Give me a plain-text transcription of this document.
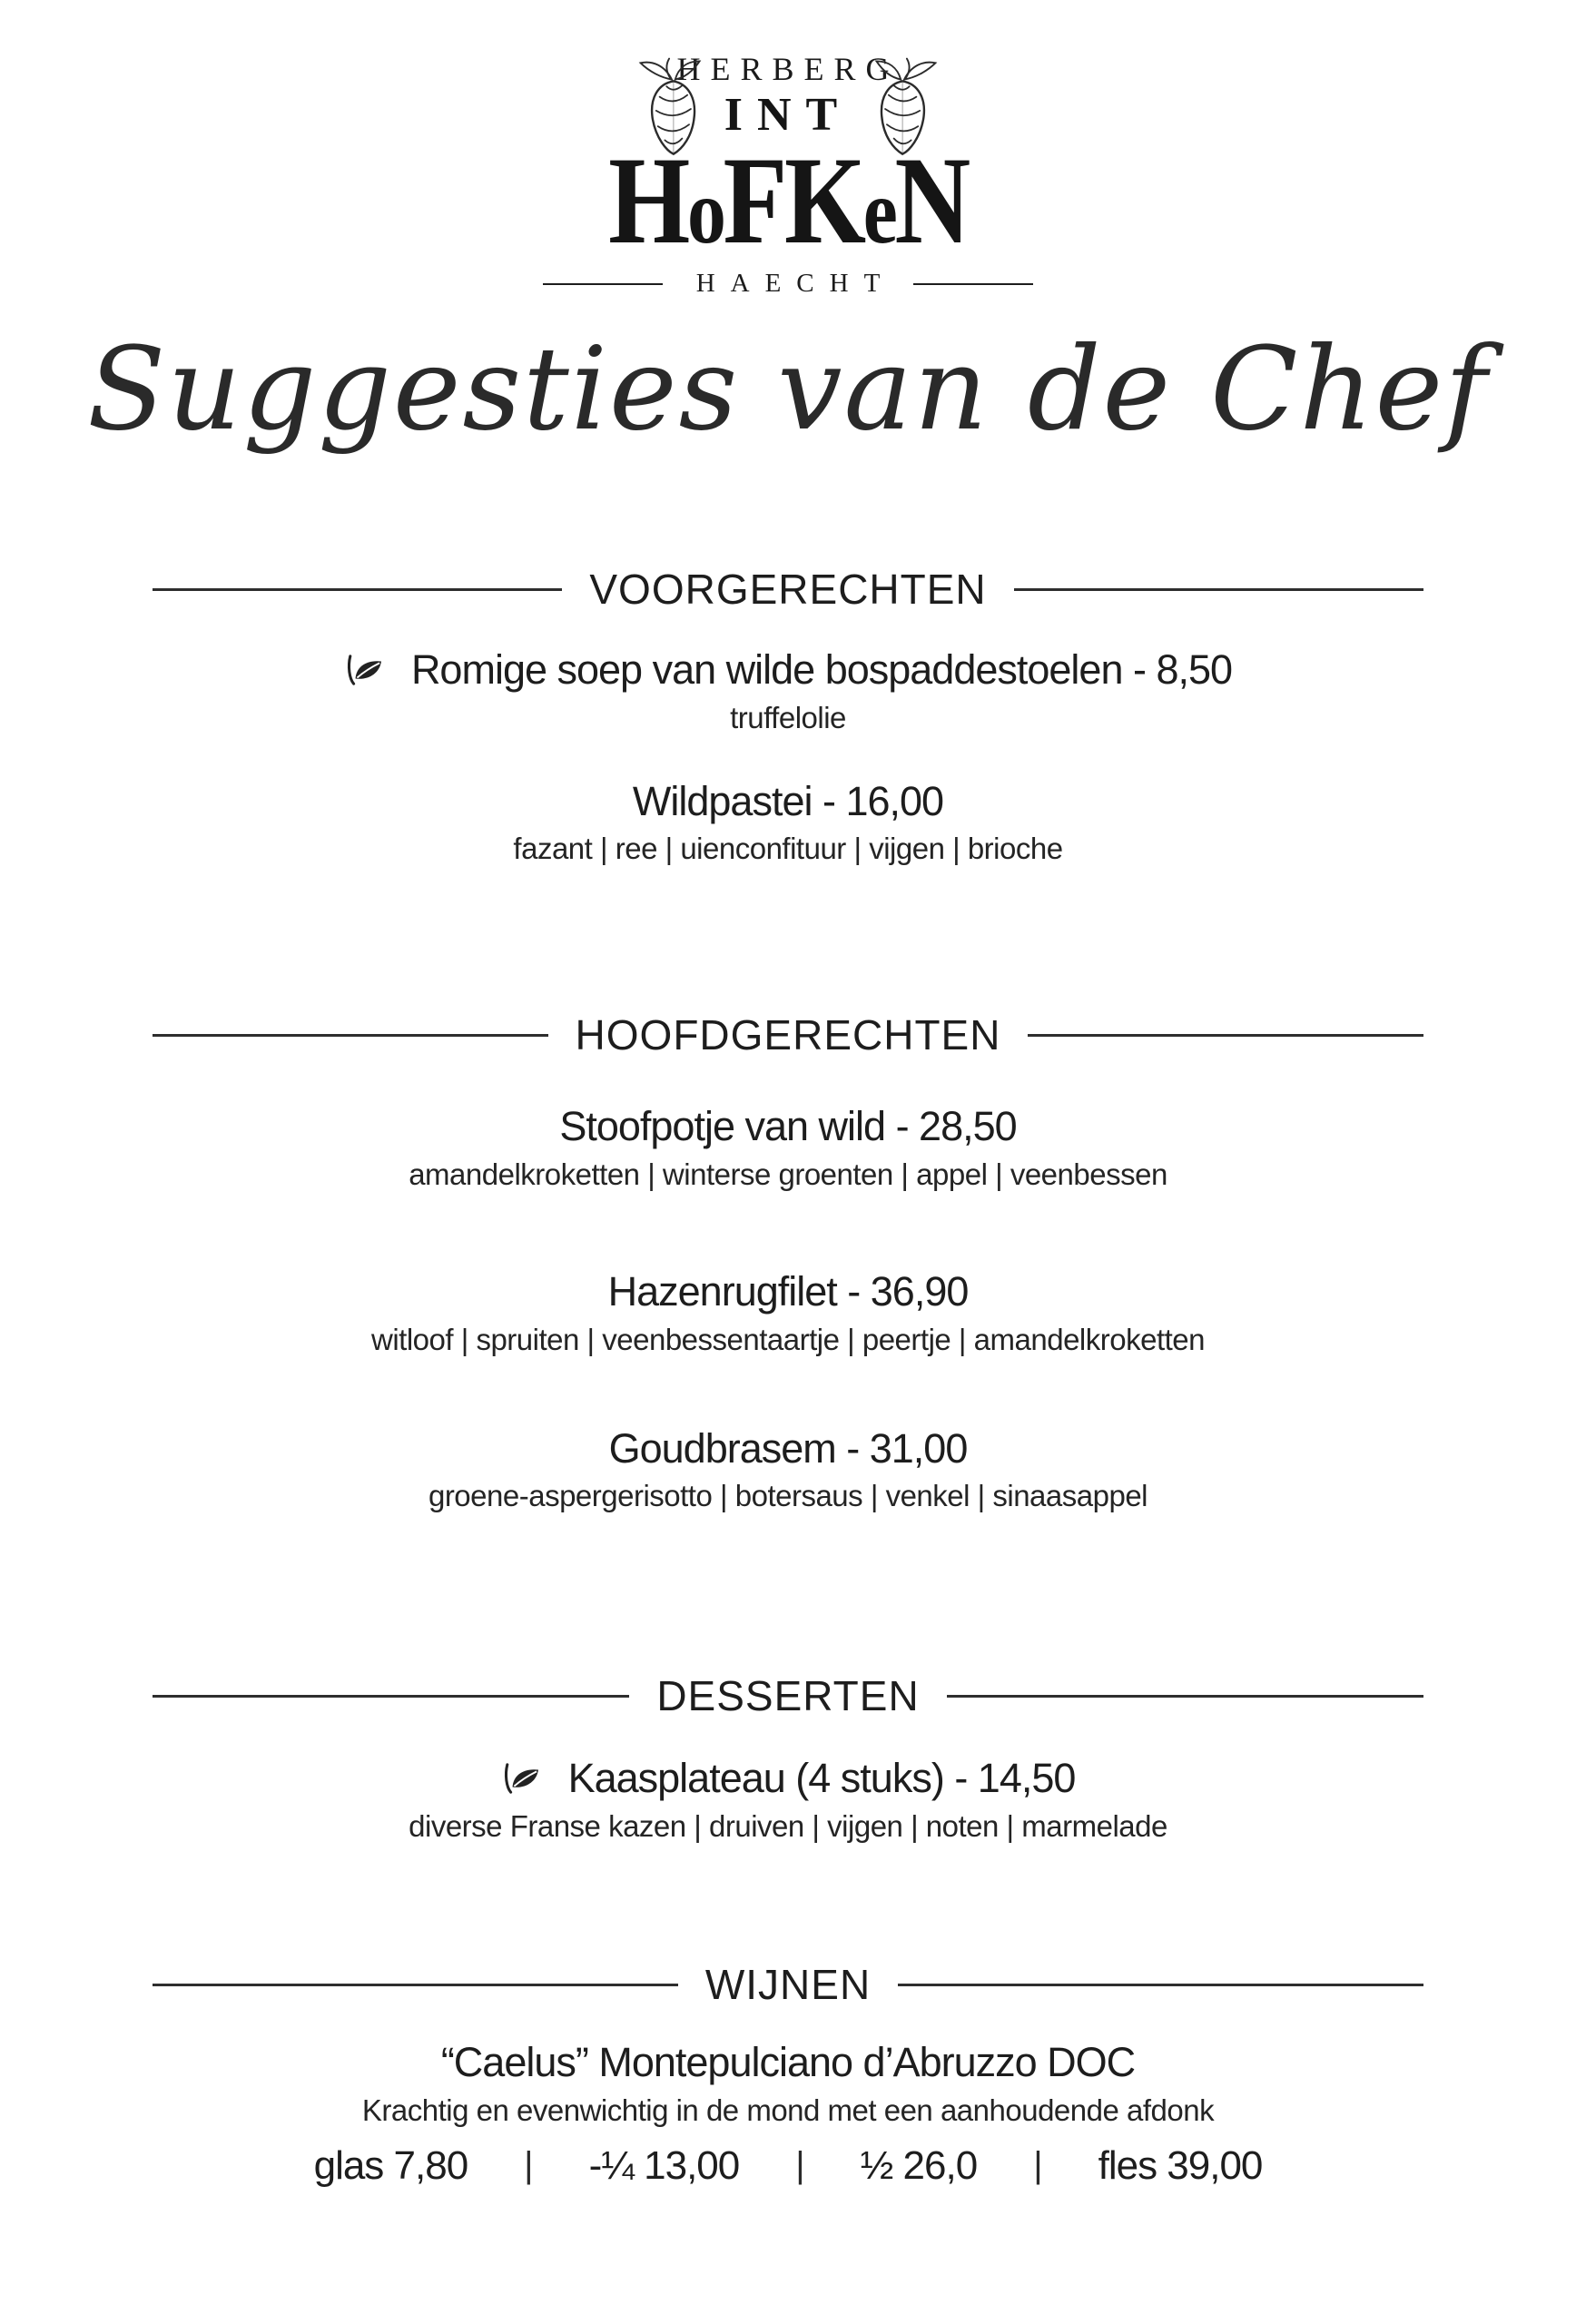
HERBERG
INT
HoFKeN
HAECHT
Suggesties van de Chef
VOORGERECHTEN
Romige soep van wilde bospaddestoelen - 8,50
truffelolie
Wildpastei - 16,00
fazant | ree | uienconfituur | vijgen | brioche
HOOFDGERECHTEN
Stoofpotje van wild - 28,50
amandelkroketten | winterse groenten | appel | veenbessen
Hazenrugfilet - 36,90
witloof | spruiten | veenbessentaartje | peertje | amandelkroketten
Goudbrasem - 31,00
groene-aspergerisotto | botersaus | venkel | sinaasappel
DESSERTEN
Kaasplateau (4 stuks) - 14,50
diverse Franse kazen | druiven | vijgen | noten | marmelade
WIJNEN
“Caelus” Montepulciano d’Abruzzo DOC
Krachtig en evenwichtig in de mond met een aanhoudende afdonk
glas 7,80 | -¼ 13,00 | ½ 26,0 | fles 39,00
